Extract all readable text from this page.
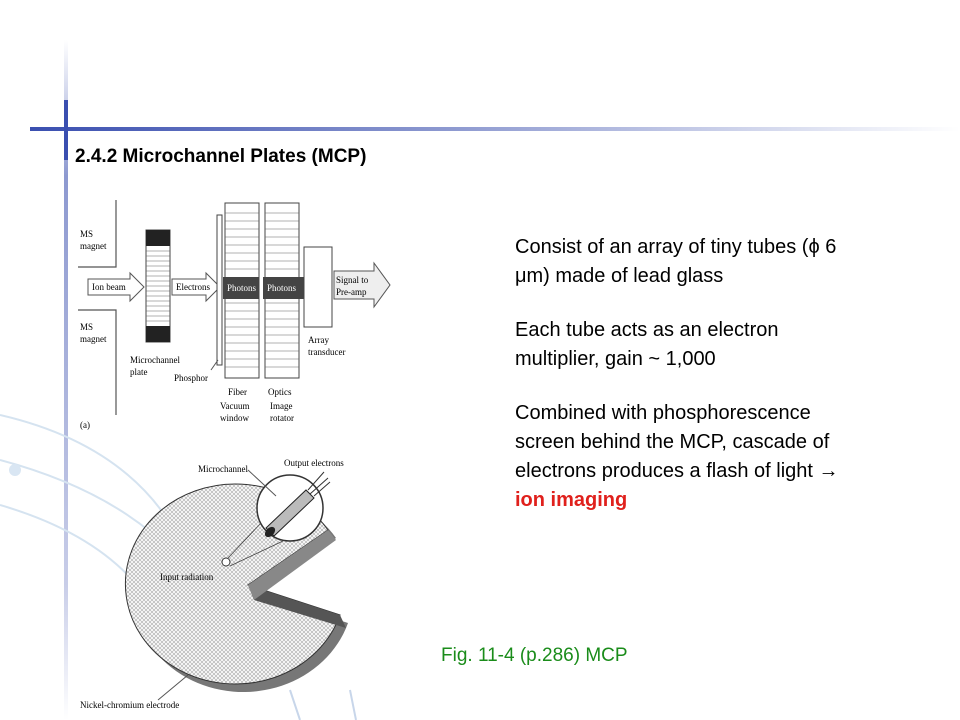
2.4.2 Microchannel Plates (MCP)
MS
magnet
MS
magnet
Ion beam	Electrons Photons Photons
Signal to
Pre-amp
Array
transducer
Microchannel
plate
Phosphor
Fiber Optics
Vacuum
window
Image
rotator
(a)
Microchannel
Output electrons
Input radiation
Nickel-chromium electrode

Consist of an array of tiny tubes (ϕ 6 μm) made of lead glass

Each tube acts as an electron multiplier, gain ~ 1,000

Combined with phosphorescence screen behind the MCP, cascade of electrons produces a flash of light → ion imaging

Fig. 11-4 (p.286) MCP
